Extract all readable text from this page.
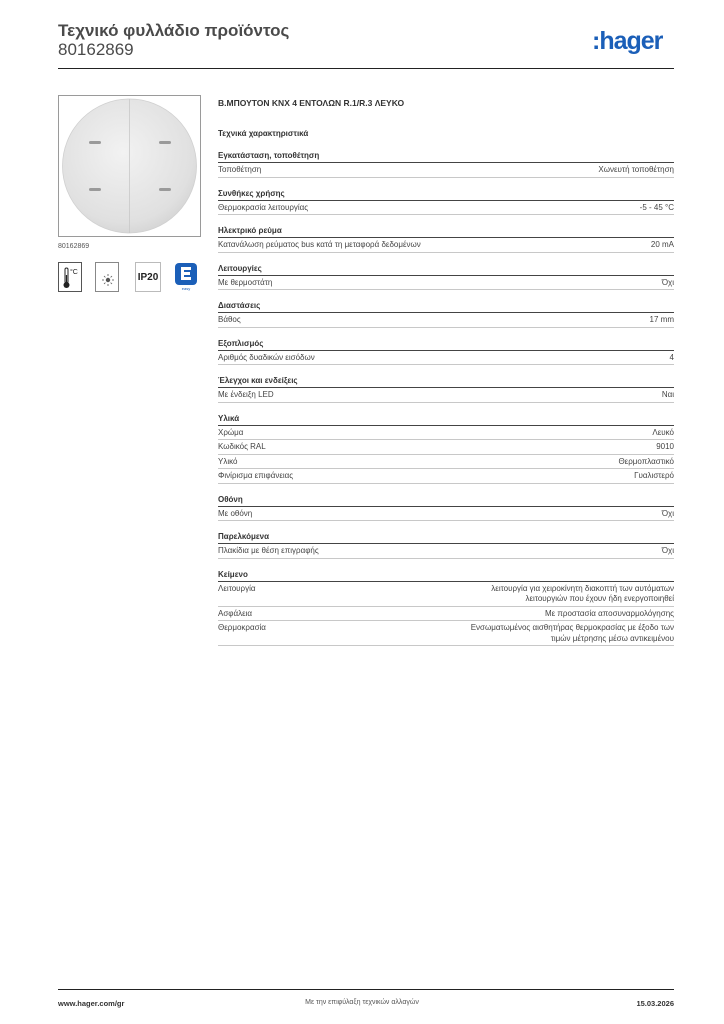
Τεχνικό φυλλάδιο προϊόντος
80162869	:hager
80162869
°C	IP20
easy
Β.ΜΠΟΥΤΟΝ KNX 4 ΕΝΤΟΛΩΝ R.1/R.3 ΛΕΥΚΟ
Τεχνικά χαρακτηριστικά
Εγκατάσταση, τοποθέτηση
Τοποθέτηση	Χωνευτή τοποθέτηση
Συνθήκες χρήσης
Θερμοκρασία λειτουργίας	-5 - 45 °C
Ηλεκτρικό ρεύμα
Κατανάλωση ρεύματος bus κατά τη μεταφορά δεδομένων	20 mA
Λειτουργίες
Με θερμοστάτη	Όχι
Διαστάσεις
Βάθος	17 mm
Εξοπλισμός
Αριθμός δυαδικών εισόδων	4
Έλεγχοι και ενδείξεις
Με ένδειξη LED	Ναι
Υλικά
Χρώμα	Λευκό
Κωδικός RAL	9010
Υλικό	Θερμοπλαστικό
Φινίρισμα επιφάνειας	Γυαλιστερό
Οθόνη
Με οθόνη	Όχι
Παρελκόμενα
Πλακίδια με θέση επιγραφής	Όχι
Κείμενο
Λειτουργία	λειτουργία για χειροκίνητη διακοπτή των αυτόματων λειτουργιών που έχουν ήδη ενεργοποιηθεί
Ασφάλεια	Με προστασία αποσυναρμολόγησης
Θερμοκρασία	Ενσωματωμένος αισθητήρας θερμοκρασίας με έξοδο των τιμών μέτρησης μέσω αντικειμένου
www.hager.com/gr	Με την επιφύλαξη τεχνικών αλλαγών	15.03.2026
